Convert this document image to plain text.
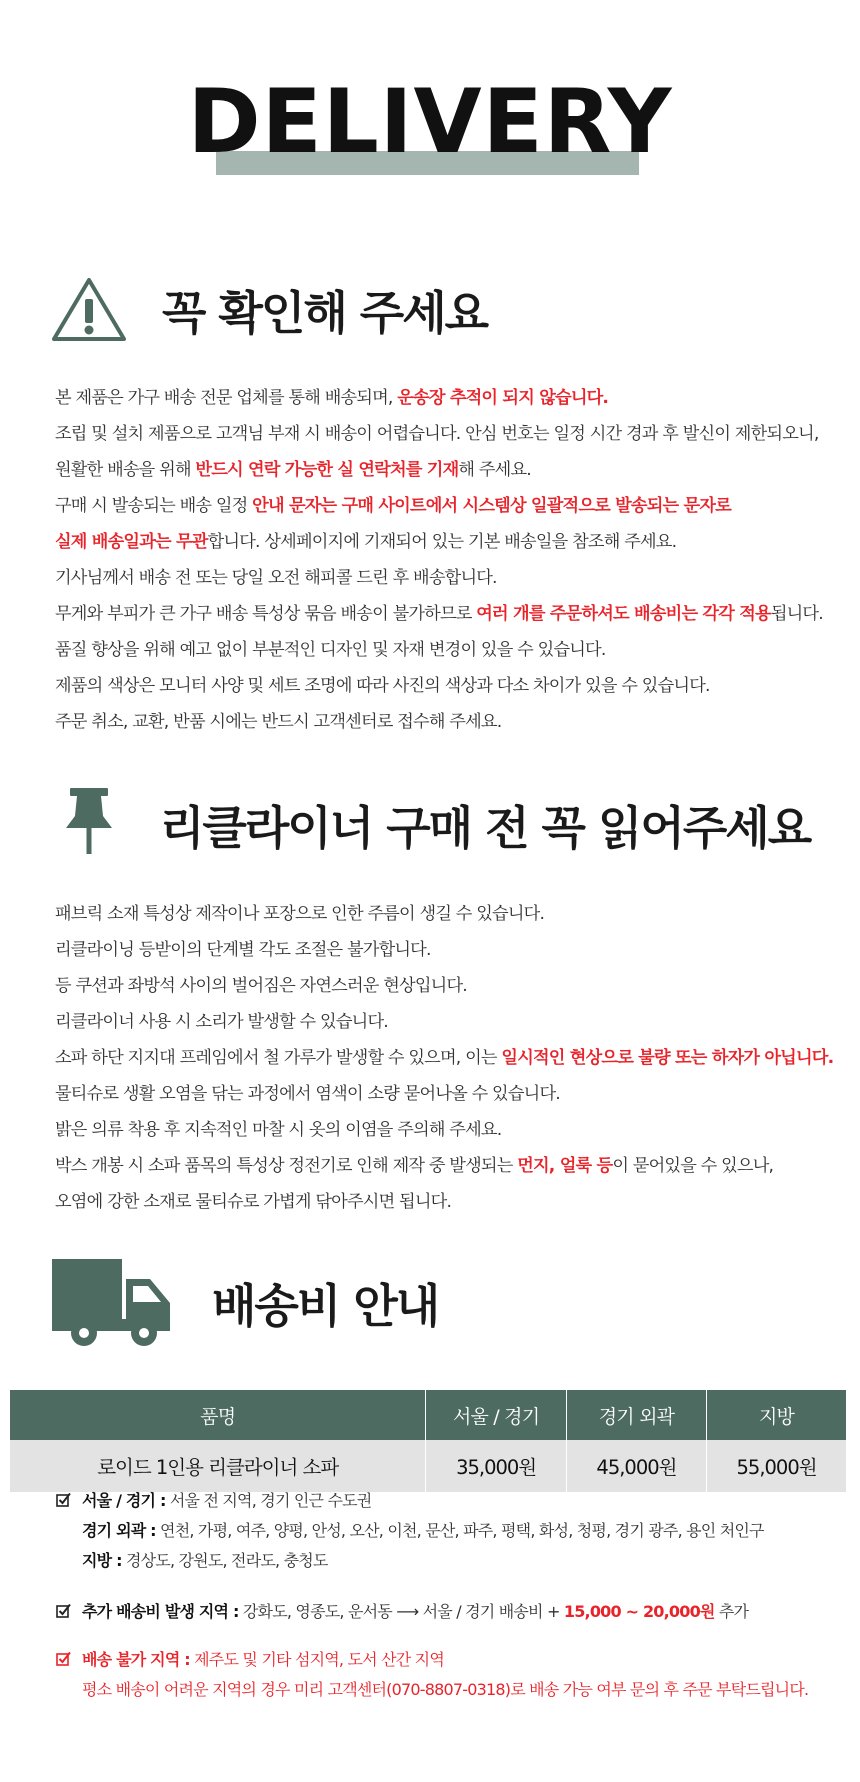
DELIVERY
꼭 확인해 주세요
본 제품은 가구 배송 전문 업체를 통해 배송되며, 운송장 추적이 되지 않습니다.
조립 및 설치 제품으로 고객님 부재 시 배송이 어렵습니다. 안심 번호는 일정 시간 경과 후 발신이 제한되오니,
원활한 배송을 위해 반드시 연락 가능한 실 연락처를 기재해 주세요.
구매 시 발송되는 배송 일정 안내 문자는 구매 사이트에서 시스템상 일괄적으로 발송되는 문자로
실제 배송일과는 무관합니다. 상세페이지에 기재되어 있는 기본 배송일을 참조해 주세요.
기사님께서 배송 전 또는 당일 오전 해피콜 드린 후 배송합니다.
무게와 부피가 큰 가구 배송 특성상 묶음 배송이 불가하므로 여러 개를 주문하셔도 배송비는 각각 적용됩니다.
품질 향상을 위해 예고 없이 부분적인 디자인 및 자재 변경이 있을 수 있습니다.
제품의 색상은 모니터 사양 및 세트 조명에 따라 사진의 색상과 다소 차이가 있을 수 있습니다.
주문 취소, 교환, 반품 시에는 반드시 고객센터로 접수해 주세요.
리클라이너 구매 전 꼭 읽어주세요
패브릭 소재 특성상 제작이나 포장으로 인한 주름이 생길 수 있습니다.
리클라이닝 등받이의 단계별 각도 조절은 불가합니다.
등 쿠션과 좌방석 사이의 벌어짐은 자연스러운 현상입니다.
리클라이너 사용 시 소리가 발생할 수 있습니다.
소파 하단 지지대 프레임에서 철 가루가 발생할 수 있으며, 이는 일시적인 현상으로 불량 또는 하자가 아닙니다.
물티슈로 생활 오염을 닦는 과정에서 염색이 소량 묻어나올 수 있습니다.
밝은 의류 착용 후 지속적인 마찰 시 옷의 이염을 주의해 주세요.
박스 개봉 시 소파 품목의 특성상 정전기로 인해 제작 중 발생되는 먼지, 얼룩 등이 묻어있을 수 있으나,
오염에 강한 소재로 물티슈로 가볍게 닦아주시면 됩니다.
배송비 안내
품명	서울 / 경기	경기 외곽	지방
로이드 1인용 리클라이너 소파	35,000원	45,000원	55,000원
서울 / 경기 : 서울 전 지역, 경기 인근 수도권
경기 외곽 : 연천, 가평, 여주, 양평, 안성, 오산, 이천, 문산, 파주, 평택, 화성, 청평, 경기 광주, 용인 처인구
지방 : 경상도, 강원도, 전라도, 충청도
추가 배송비 발생 지역 : 강화도, 영종도, 운서동 ⟶ 서울 / 경기 배송비 + 15,000 ~ 20,000원 추가
배송 불가 지역 : 제주도 및 기타 섬지역, 도서 산간 지역
평소 배송이 어려운 지역의 경우 미리 고객센터(070-8807-0318)로 배송 가능 여부 문의 후 주문 부탁드립니다.
